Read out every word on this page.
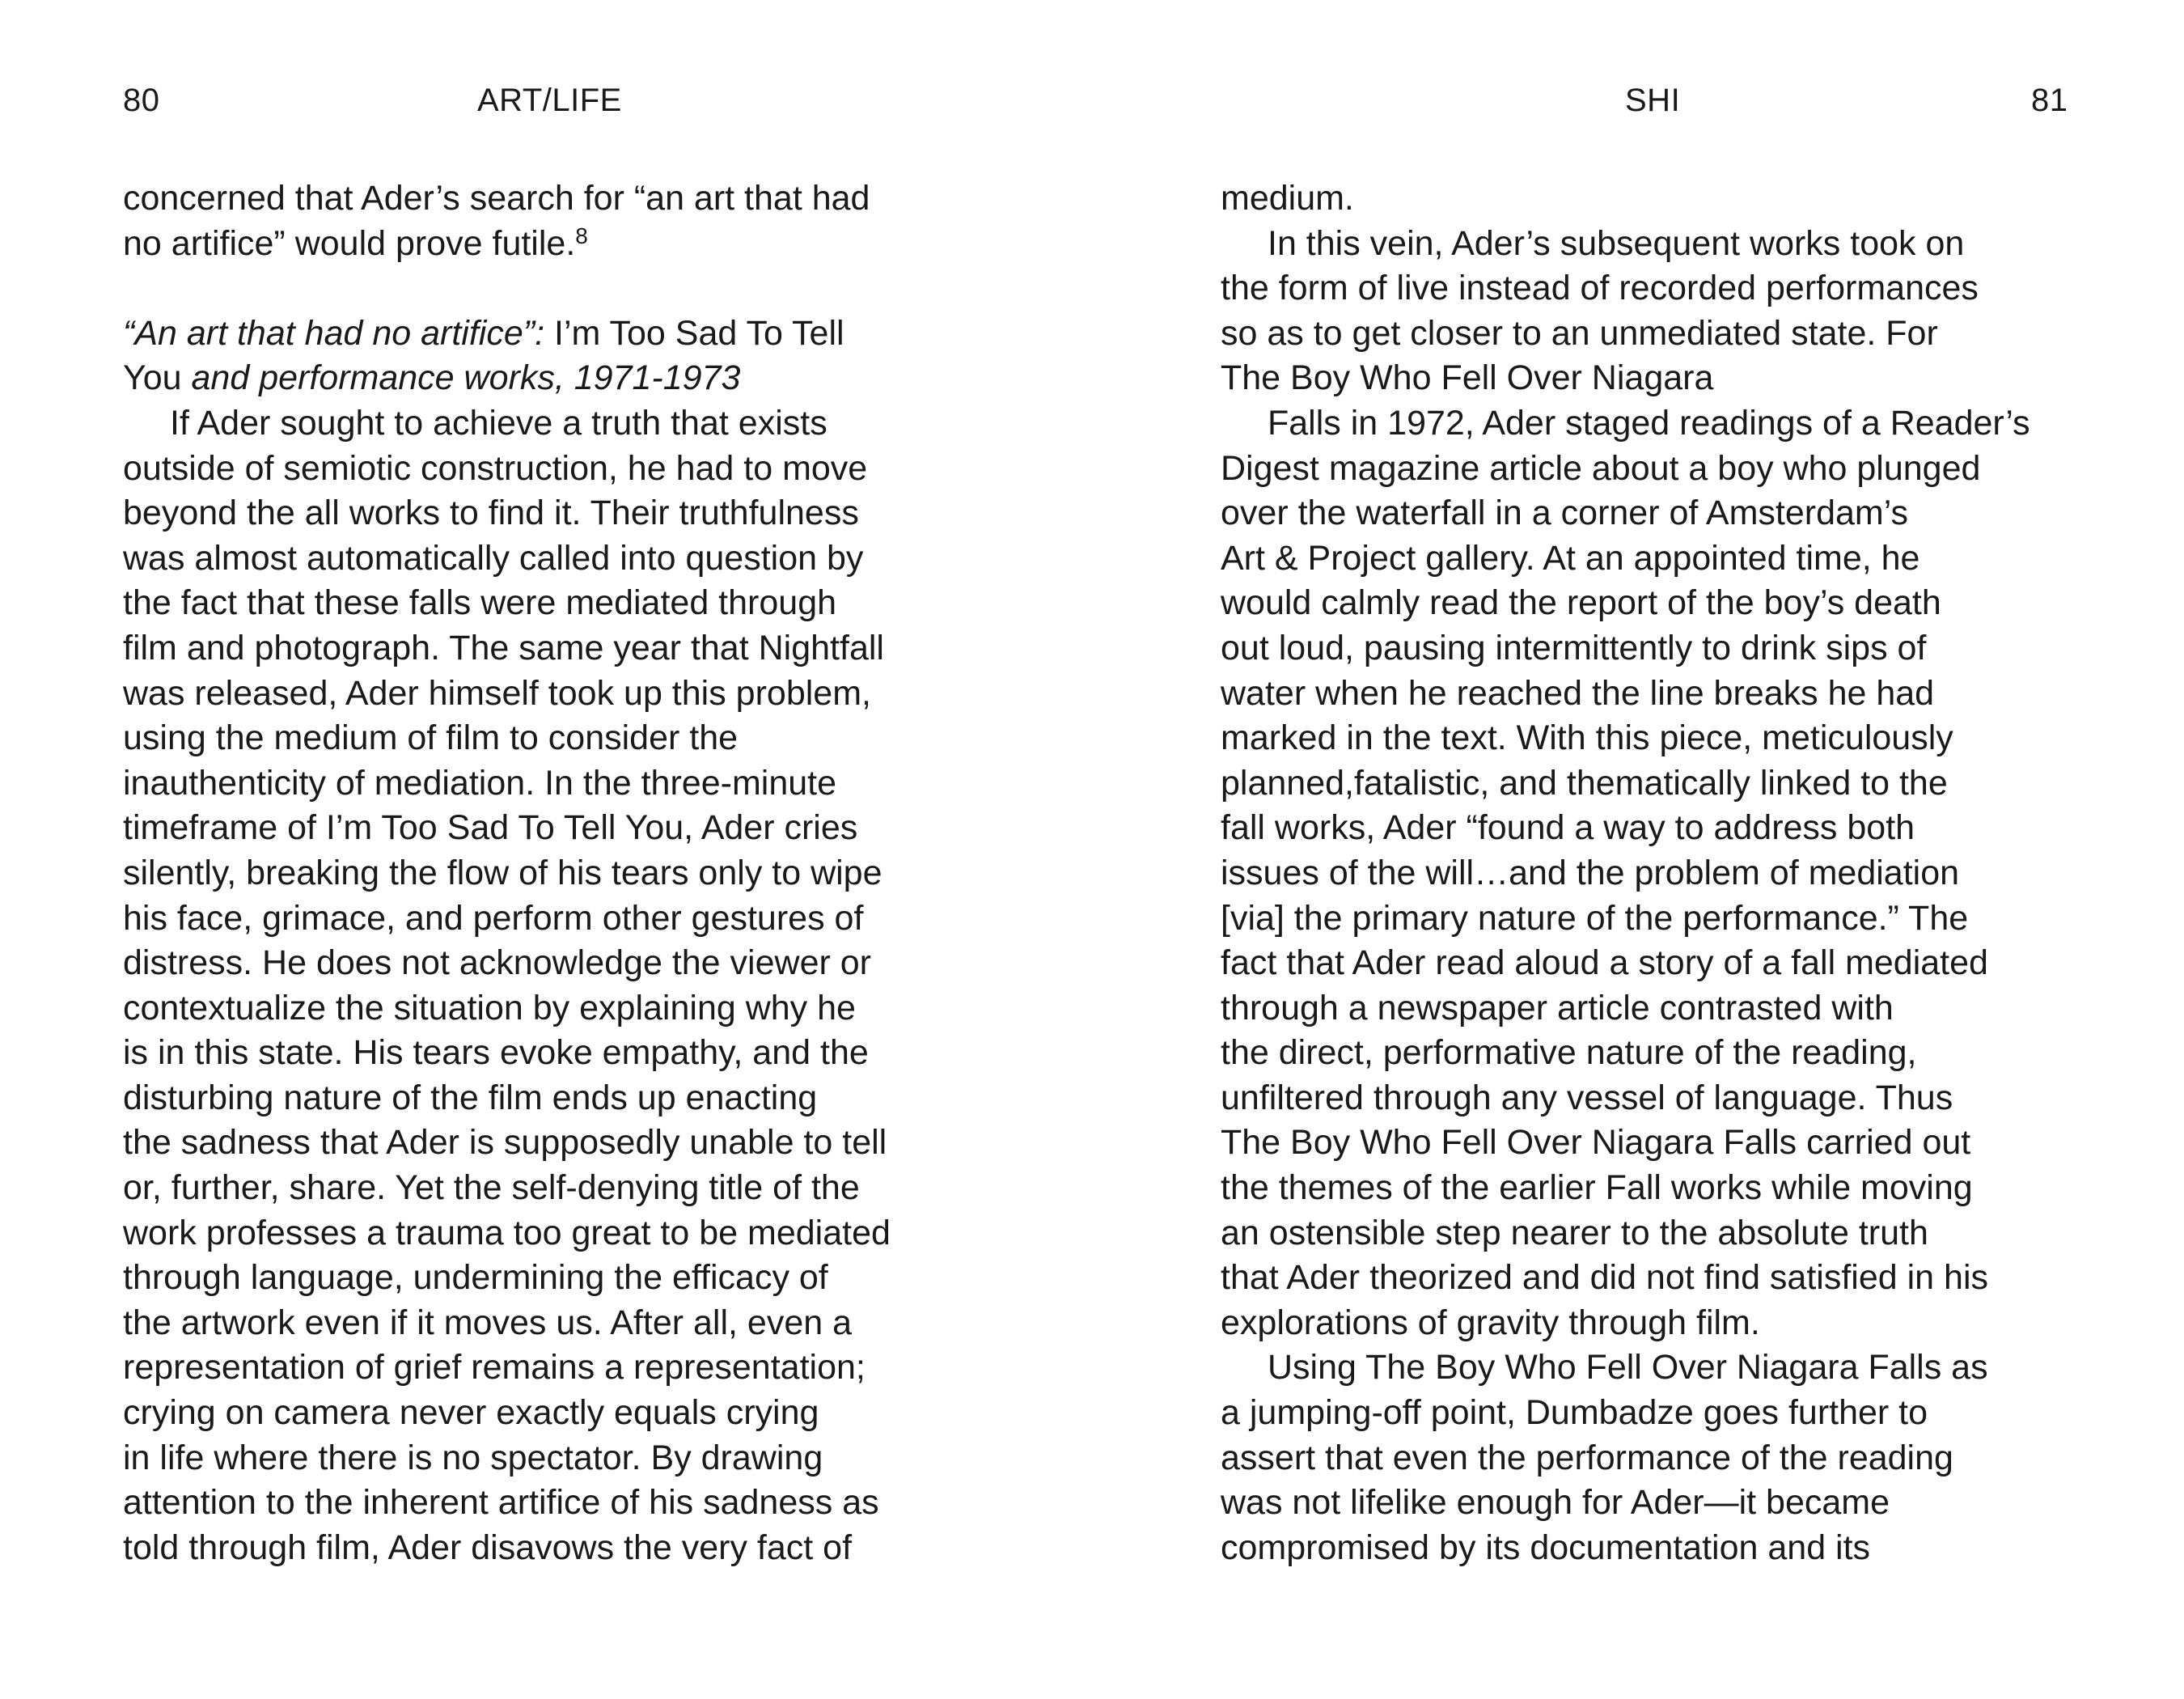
80	ART/LIFE
concerned that Ader’s search for “an art that had
no artifice” would prove futile.$^8$
“An art that had no artifice”: I’m Too Sad To Tell
You and performance works, 1971-1973
If Ader sought to achieve a truth that exists
outside of semiotic construction, he had to move
beyond the all works to find it. Their truthfulness
was almost automatically called into question by
the fact that these falls were mediated through
film and photograph. The same year that Nightfall
was released, Ader himself took up this problem,
using the medium of film to consider the
inauthenticity of mediation. In the three-minute
timeframe of I’m Too Sad To Tell You, Ader cries
silently, breaking the flow of his tears only to wipe
his face, grimace, and perform other gestures of
distress. He does not acknowledge the viewer or
contextualize the situation by explaining why he
is in this state. His tears evoke empathy, and the
disturbing nature of the film ends up enacting
the sadness that Ader is supposedly unable to tell
or, further, share. Yet the self-denying title of the
work professes a trauma too great to be mediated
through language, undermining the efficacy of
the artwork even if it moves us. After all, even a
representation of grief remains a representation;
crying on camera never exactly equals crying
in life where there is no spectator. By drawing
attention to the inherent artifice of his sadness as
told through film, Ader disavows the very fact of
SHI	81
medium.
In this vein, Ader’s subsequent works took on
the form of live instead of recorded performances
so as to get closer to an unmediated state. For
The Boy Who Fell Over Niagara
Falls in 1972, Ader staged readings of a Reader’s
Digest magazine article about a boy who plunged
over the waterfall in a corner of Amsterdam’s
Art & Project gallery. At an appointed time, he
would calmly read the report of the boy’s death
out loud, pausing intermittently to drink sips of
water when he reached the line breaks he had
marked in the text. With this piece, meticulously
planned,fatalistic, and thematically linked to the
fall works, Ader “found a way to address both
issues of the will…and the problem of mediation
[via] the primary nature of the performance.” The
fact that Ader read aloud a story of a fall mediated
through a newspaper article contrasted with
the direct, performative nature of the reading,
unfiltered through any vessel of language. Thus
The Boy Who Fell Over Niagara Falls carried out
the themes of the earlier Fall works while moving
an ostensible step nearer to the absolute truth
that Ader theorized and did not find satisfied in his
explorations of gravity through film.
Using The Boy Who Fell Over Niagara Falls as
a jumping-off point, Dumbadze goes further to
assert that even the performance of the reading
was not lifelike enough for Ader—it became
compromised by its documentation and its
